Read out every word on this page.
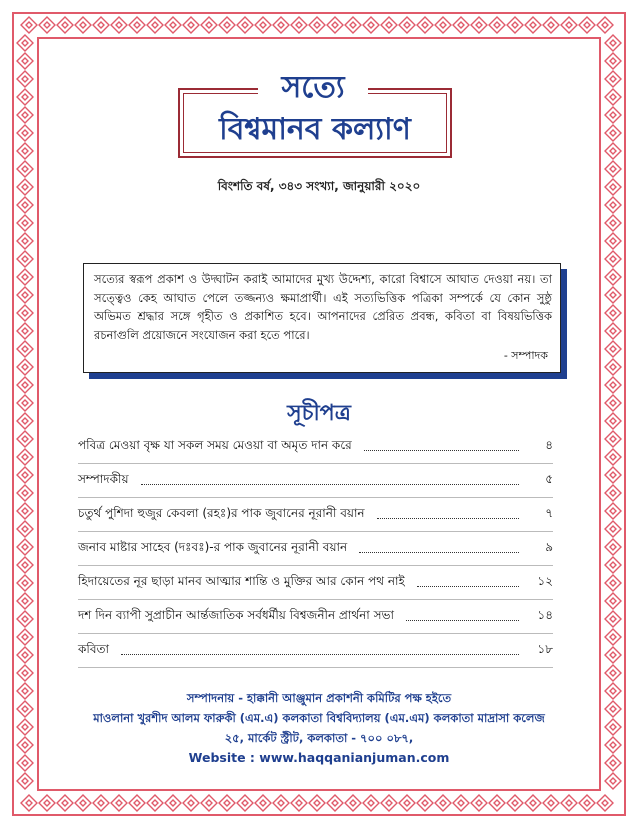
সত্যে
বিশ্বমানব কল্যাণ
বিংশতি বর্ষ, ৩৪৩ সংখ্যা, জানুয়ারী ২০২০
সত্যের স্বরূপ প্রকাশ ও উদ্ঘাটন করাই আমাদের মুখ্য উদ্দেশ্য, কারো বিশ্বাসে আঘাত দেওয়া নয়। তা সত্ত্বেও কেহ আঘাত পেলে তজ্জন্যও ক্ষমাপ্রার্থী। এই সত্যভিত্তিক পত্রিকা সম্পর্কে যে কোন সুষ্ঠু অভিমত শ্রদ্ধার সঙ্গে গৃহীত ও প্রকাশিত হবে। আপনাদের প্রেরিত প্রবন্ধ, কবিতা বা বিষয়ভিত্তিক রচনাগুলি প্রয়োজনে সংযোজন করা হতে পারে।
- সম্পাদক
সূচীপত্র
পবিত্র মেওয়া বৃক্ষ যা সকল সময় মেওয়া বা অমৃত দান করে	৪
সম্পাদকীয়	৫
চতুর্থ পুশিদা হুজুর কেবলা (রহঃ)র পাক জুবানের নূরানী বয়ান	৭
জনাব মাষ্টার সাহেব (দঃবঃ)-র পাক জুবানের নূরানী বয়ান	৯
হিদায়েতের নূর ছাড়া মানব আত্মার শান্তি ও মুক্তির আর কোন পথ নাই	১২
দশ দিন ব্যাপী সুপ্রাচীন আর্ন্তজাতিক সর্বধর্মীয় বিশ্বজনীন প্রার্থনা সভা	১৪
কবিতা	১৮
সম্পাদনায় - হাক্কানী আঞ্জুমান প্রকাশনী কমিটির পক্ষ হইতে
মাওলানা খুরশীদ আলম ফারুকী (এম.এ) কলকাতা বিশ্ববিদ্যালয় (এম.এম) কলকাতা মাদ্রাসা কলেজ
২৫, মার্কেট স্ট্রীট, কলকাতা - ৭০০ ০৮৭,
Website : www.haqqanianjuman.com
